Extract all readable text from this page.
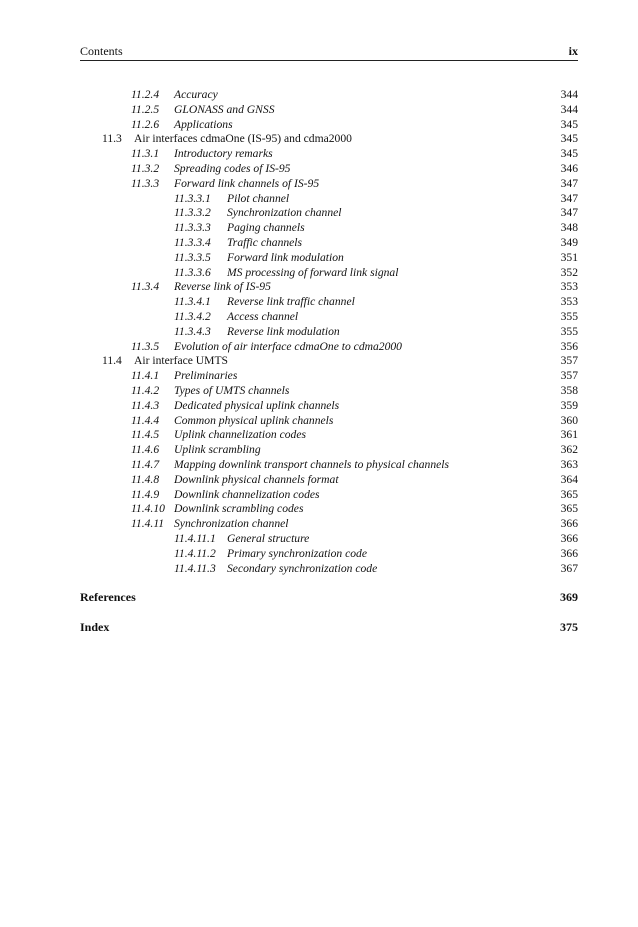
Contents	ix
11.2.4 Accuracy	344
11.2.5 GLONASS and GNSS	344
11.2.6 Applications	345
11.3 Air interfaces cdmaOne (IS-95) and cdma2000	345
11.3.1 Introductory remarks	345
11.3.2 Spreading codes of IS-95	346
11.3.3 Forward link channels of IS-95	347
11.3.3.1 Pilot channel	347
11.3.3.2 Synchronization channel	347
11.3.3.3 Paging channels	348
11.3.3.4 Traffic channels	349
11.3.3.5 Forward link modulation	351
11.3.3.6 MS processing of forward link signal	352
11.3.4 Reverse link of IS-95	353
11.3.4.1 Reverse link traffic channel	353
11.3.4.2 Access channel	355
11.3.4.3 Reverse link modulation	355
11.3.5 Evolution of air interface cdmaOne to cdma2000	356
11.4 Air interface UMTS	357
11.4.1 Preliminaries	357
11.4.2 Types of UMTS channels	358
11.4.3 Dedicated physical uplink channels	359
11.4.4 Common physical uplink channels	360
11.4.5 Uplink channelization codes	361
11.4.6 Uplink scrambling	362
11.4.7 Mapping downlink transport channels to physical channels	363
11.4.8 Downlink physical channels format	364
11.4.9 Downlink channelization codes	365
11.4.10 Downlink scrambling codes	365
11.4.11 Synchronization channel	366
11.4.11.1 General structure	366
11.4.11.2 Primary synchronization code	366
11.4.11.3 Secondary synchronization code	367
References	369
Index	375
